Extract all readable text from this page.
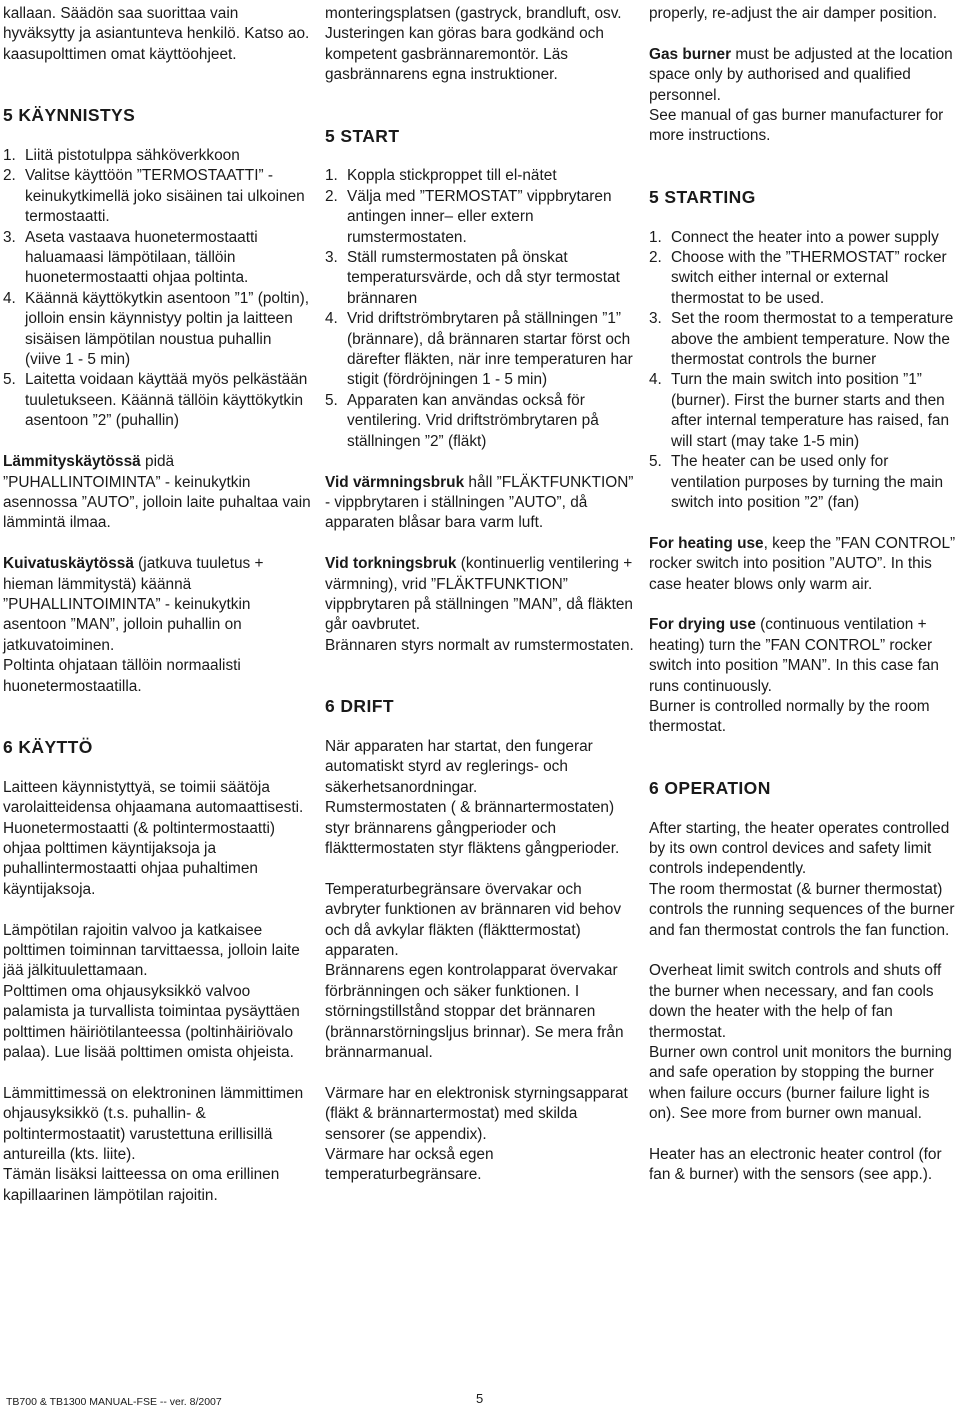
kallaan. Säädön saa suorittaa vain hyväksytty ja asiantunteva henkilö. Katso ao. kaasupolttimen omat käyttöohjeet.

5 KÄYNNISTYS
1. Liitä pistotulppa sähköverkkoon
2. Valitse käyttöön ”TERMOSTAATTI” -keinukytkimellä joko sisäinen tai ulkoinen termostaatti.
3. Aseta vastaava huonetermostaatti haluamaasi lämpötilaan, tällöin huonetermostaatti ohjaa poltinta.
4. Käännä käyttökytkin asentoon ”1” (poltin), jolloin ensin käynnistyy poltin ja laitteen sisäisen lämpötilan noustua puhallin (viive 1 - 5 min)
5. Laitetta voidaan käyttää myös pelkästään tuuletukseen. Käännä tällöin käyttökytkin asentoon ”2” (puhallin)

Lämmityskäytössä pidä ”PUHALLINTOIMINTA” - keinukytkin asennossa ”AUTO”, jolloin laite puhaltaa vain lämmintä ilmaa.

Kuivatuskäytössä (jatkuva tuuletus + hieman lämmitystä) käännä ”PUHALLINTOIMINTA” - keinukytkin asentoon ”MAN”, jolloin puhallin on jatkuvatoiminen.

Poltinta ohjataan tällöin normaalisti huonetermostaatilla.

6 KÄYTTÖ

Laitteen käynnistyttyä, se toimii säätöja varolaitteidensa ohjaamana automaattisesti.

Huonetermostaatti (& poltintermostaatti) ohjaa polttimen käyntijaksoja ja puhallintermostaatti ohjaa puhaltimen käyntijaksoja.

Lämpötilan rajoitin valvoo ja katkaisee polttimen toiminnan tarvittaessa, jolloin laite jää jälkituulettamaan.

Polttimen oma ohjausyksikkö valvoo palamista ja turvallista toimintaa pysäyttäen polttimen häiriötilanteessa (poltinhäiriövalo palaa). Lue lisää polttimen omista ohjeista.

Lämmittimessä on elektroninen lämmittimen ohjausyksikkö (t.s. puhallin- & poltintermostaatit) varustettuna erillisillä antureilla (kts. liite).

Tämän lisäksi laitteessa on oma erillinen kapillaarinen lämpötilan rajoitin.

monteringsplatsen (gastryck, brandluft, osv. Justeringen kan göras bara godkänd och kompetent gasbrännaremontör. Läs gasbrännarens egna instruktioner.

5 START
1. Koppla stickproppet till el-nätet
2. Välja med ”TERMOSTAT” vippbrytaren antingen inner– eller extern rumstermostaten.
3. Ställ rumstermostaten på önskat temperatursvärde, och då styr termostat brännaren
4. Vrid driftströmbrytaren på ställningen ”1” (brännare), då brännaren startar först och därefter fläkten, när inre temperaturen har stigit (fördröjningen 1 - 5 min)
5. Apparaten kan användas också för ventilering. Vrid driftströmbrytaren på ställningen ”2” (fläkt)

Vid värmningsbruk håll ”FLÄKTFUNKTION” - vippbrytaren i ställningen ”AUTO”, då apparaten blåsar bara varm luft.

Vid torkningsbruk (kontinuerlig ventilering + värmning), vrid ”FLÄKTFUNKTION” vippbrytaren på ställningen ”MAN”, då fläkten går oavbrutet.

Brännaren styrs normalt av rumstermostaten.

6 DRIFT

När apparaten har startat, den fungerar automatiskt styrd av reglerings- och säkerhetsanordningar.

Rumstermostaten ( & brännartermostaten) styr brännarens gångperioder och fläkttermostaten styr fläktens gångperioder.

Temperaturbegränsare övervakar och avbryter funktionen av brännaren vid behov och då avkylar fläkten (fläkttermostat) apparaten.

Brännarens egen kontrolapparat övervakar förbränningen och säker funktionen. I störningstillstånd stoppar det brännaren (brännarstörningsljus brinnar). Se mera från brännarmanual.

Värmare har en elektronisk styrningsapparat (fläkt & brännartermostat) med skilda sensorer (se appendix).

Värmare har också egen temperaturbegränsare.

properly, re-adjust the air damper position.

Gas burner must be adjusted at the location space only by authorised and qualified personnel.

See manual of gas burner manufacturer for more instructions.

5 STARTING
1. Connect the heater into a power supply
2. Choose with the ”THERMOSTAT” rocker switch either internal or external thermostat to be used.
3. Set the room thermostat to a temperature above the ambient temperature. Now the thermostat controls the burner
4. Turn the main switch into position ”1” (burner). First the burner starts and then after internal temperature has raised, fan will start (may take 1-5 min)
5. The heater can be used only for ventilation purposes by turning the main switch into position ”2” (fan)

For heating use, keep the ”FAN CONTROL” rocker switch into position ”AUTO”. In this case heater blows only warm air.

For drying use (continuous ventilation + heating) turn the ”FAN CONTROL” rocker switch into position ”MAN”. In this case fan runs continuously.

Burner is controlled normally by the room thermostat.

6 OPERATION

After starting, the heater operates controlled by its own control devices and safety limit controls independently.

The room thermostat (& burner thermostat) controls the running sequences of the burner and fan thermostat controls the fan function.

Overheat limit switch controls and shuts off the burner when necessary, and fan cools down the heater with the help of fan thermostat.

Burner own control unit monitors the burning and safe operation by stopping the burner when failure occurs (burner failure light is on). See more from burner own manual.

Heater has an electronic heater control (for fan & burner) with the sensors (see app.).

TB700 & TB1300 MANUAL-FSE -- ver. 8/2007	5
